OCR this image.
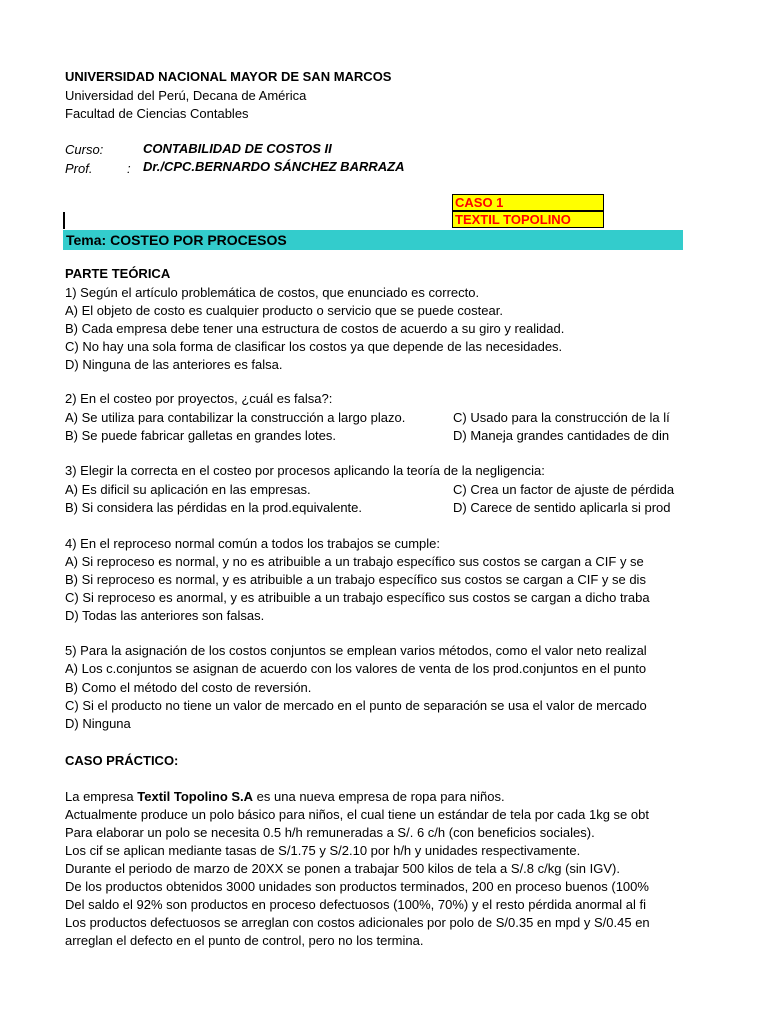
UNIVERSIDAD NACIONAL MAYOR DE SAN MARCOS
Universidad del Perú, Decana de América
Facultad de Ciencias Contables
Curso:	CONTABILIDAD DE COSTOS II
Prof.	: Dr./CPC.BERNARDO SÁNCHEZ BARRAZA
CASO 1
TEXTIL TOPOLINO
Tema: COSTEO POR PROCESOS
PARTE TEÓRICA
1) Según el artículo problemática de costos, que enunciado es correcto.
A) El objeto de costo es cualquier producto o servicio que se puede costear.
B) Cada empresa debe tener una estructura de costos de acuerdo a su giro y realidad.
C) No hay una sola forma de clasificar los costos ya que depende de las necesidades.
D) Ninguna de las anteriores es falsa.
2) En el costeo por proyectos, ¿cuál es falsa?:
A) Se utiliza para contabilizar la construcción a largo plazo.	C) Usado para la construcción de la lí
B) Se puede fabricar galletas en grandes lotes.	D) Maneja grandes cantidades de din
3) Elegir la correcta en el costeo por procesos aplicando la teoría de la negligencia:
A) Es dificil su aplicación en las empresas.	C) Crea un factor de ajuste de pérdida
B) Si considera las pérdidas en la prod.equivalente.	D) Carece de sentido aplicarla si prod
4) En el reproceso normal común a todos los trabajos se cumple:
A) Si reproceso es normal, y no es atribuible a un trabajo específico sus costos se cargan a CIF y se
B) Si reproceso es normal, y es atribuible a un trabajo específico sus costos se cargan a CIF y se dis
C) Si reproceso es anormal, y es atribuible a un trabajo específico sus costos se cargan a dicho traba
D) Todas las anteriores son falsas.
5) Para la asignación de los costos conjuntos se emplean varios métodos, como el valor neto realizal
A) Los c.conjuntos se asignan de acuerdo con los valores de venta de los prod.conjuntos en el punto
B) Como el método del costo de reversión.
C) Si el producto no tiene un valor de mercado en el punto de separación se usa el valor de mercado
D) Ninguna
CASO PRÁCTICO:
La empresa Textil Topolino S.A es una nueva empresa de ropa para niños.
Actualmente produce un polo básico para niños, el cual tiene un estándar de tela por cada 1kg se obt
Para elaborar un polo se necesita 0.5 h/h remuneradas a S/. 6 c/h (con beneficios sociales).
Los cif se aplican mediante tasas de S/1.75 y S/2.10 por h/h y unidades respectivamente.
Durante el periodo de marzo de 20XX se ponen a trabajar 500 kilos de tela a S/.8 c/kg (sin IGV).
De los productos obtenidos 3000 unidades son productos terminados, 200 en proceso buenos (100%
Del saldo el 92% son productos en proceso defectuosos (100%, 70%) y el resto pérdida anormal al fi
Los productos defectuosos se arreglan con costos adicionales por polo de S/0.35 en mpd y S/0.45 en
arreglan el defecto en el punto de control, pero no los termina.
